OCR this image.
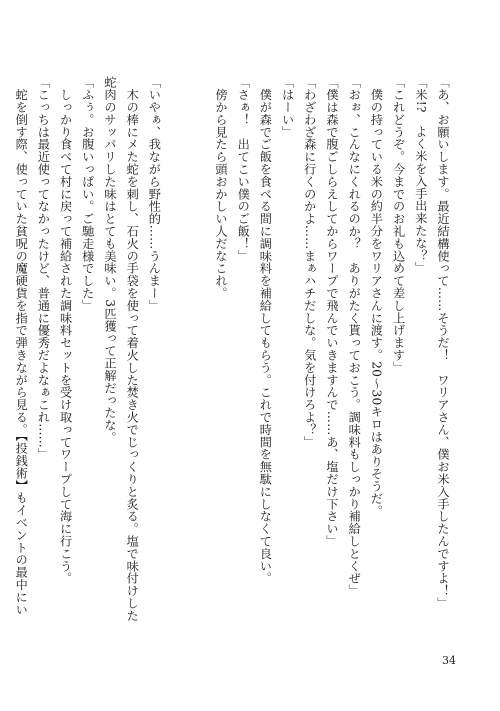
「あ、お願いします。最近結構使って……そうだ！　ワリアさん、僕お米入手したんですよ！」
「米!?　よく米を入手出来たな？」
「これどうぞ。今までのお礼も込めて差し上げます」
　僕の持っている米の約半分をワリアさんに渡す。20～30キロはありそうだ。
「おぉ、こんなにくれるのか？　ありがたく貰っておこう。調味料もしっかり補給しとくぜ」
「僕は森で腹ごしらえしてからワープで飛んでいきますんで……あ、塩だけ下さい」
「わざわざ森に行くのかよ……まぁハチだしな。気を付けろよ？」
「はーい」
　僕が森でご飯を食べる間に調味料を補給してもらう。これで時間を無駄にしなくて良い。
「さぁ！　出てこい僕のご飯！」
　傍から見たら頭おかしい人だなこれ。
「いやぁ、我ながら野性的……うんまー」
　木の棒にメた蛇を刺し、石火の手袋を使って着火した焚き火でじっくりと炙る。塩で味付けした
蛇肉のサッパリした味はとても美味い。3匹獲って正解だったな。
「ふぅ。お腹いっぱい。ご馳走様でした」
　しっかり食べて村に戻って補給された調味料セットを受け取ってワープして海に行こう。
「こっちは最近使ってなかったけど、普通に優秀だよなぁこれ……」
　蛇を倒す際、使っていた貧呪の魔硬貨を指で弾きながら見る。【投銭術】もイベントの最中にい
34
